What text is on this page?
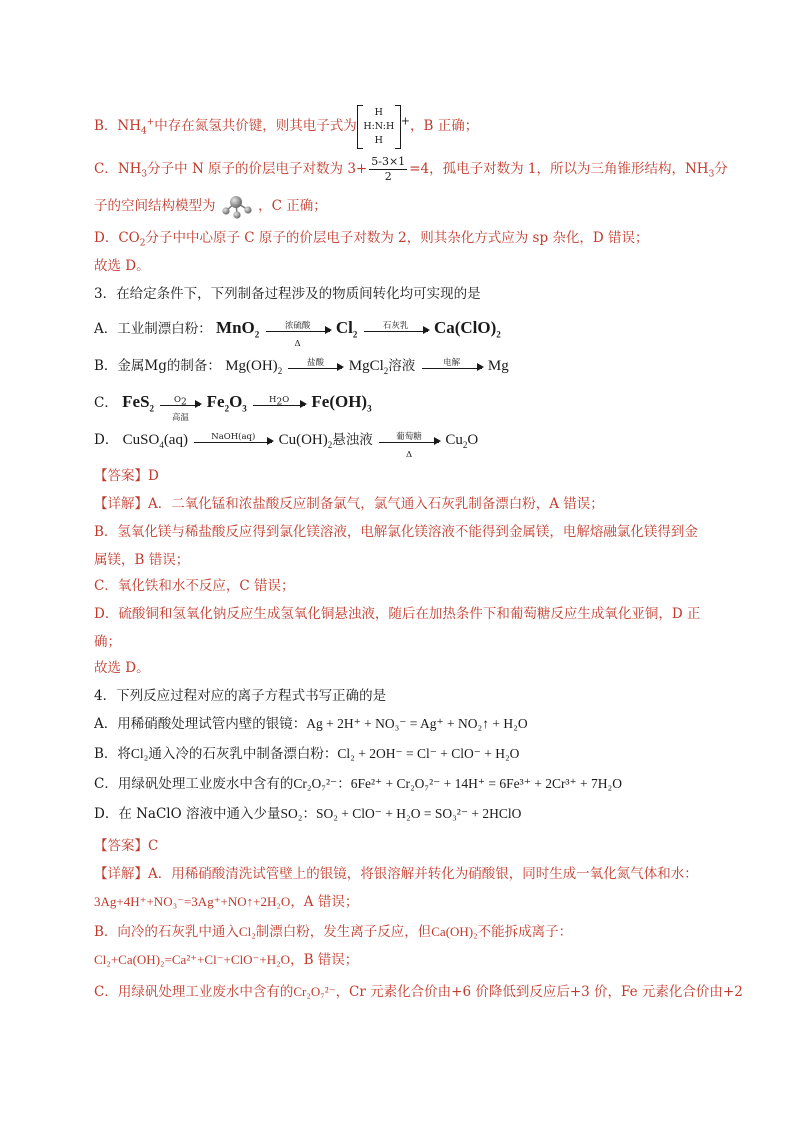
B．$NH_4^+$中存在氮氢共价键，则其电子式为
H
H:N:H
H
+，B 正确；
C．$NH_3$分子中 N 原子的价层电子对数为 $3+ \frac{5-3\times 1}{2} =4$，孤电子对数为 1，所以为三角锥形结构，$NH_3$分
子的空间结构模型为	，C 正确；
D．$CO_2$分子中中心原子 C 原子的价层电子对数为 2，则其杂化方式应为 sp 杂化，D 错误；
故选 D。
3．在给定条件下，下列制备过程涉及的物质间转化均可实现的是
A．工业制漂白粉： MnO$_2$
浓硫酸
Δ
$Cl_2$
石灰乳	$Ca(ClO)_2$
B．金属Mg的制备： $Mg(OH)_2$
盐酸	MgCl$_2$溶液	电解	Mg
C． FeS$_2$
$O_2$
高温
$Fe_2O_3$
$H_2O$	$Fe(OH)_3$
D． CuSO$_4$(aq)	NaOH(aq)	$Cu(OH)_2$悬浊液	葡萄糖
Δ
$Cu_2O$
【答案】D
【详解】A．二氧化锰和浓盐酸反应制备氯气，氯气通入石灰乳制备漂白粉，A 错误；
B．氢氧化镁与稀盐酸反应得到氯化镁溶液，电解氯化镁溶液不能得到金属镁，电解熔融氯化镁得到金
属镁，B 错误；
C．氧化铁和水不反应，C 错误；
D．硫酸铜和氢氧化钠反应生成氢氧化铜悬浊液，随后在加热条件下和葡萄糖反应生成氧化亚铜，D 正
确；
故选 D。
4．下列反应过程对应的离子方程式书写正确的是
A．用稀硝酸处理试管内壁的银镜：Ag + 2H⁺ + NO₃⁻ = Ag⁺ + NO₂↑ + H₂O
B．将Cl₂通入冷的石灰乳中制备漂白粉：Cl₂ + 2OH⁻ = Cl⁻ + ClO⁻ + H₂O
C．用绿矾处理工业废水中含有的Cr₂O₇²⁻：6Fe²⁺ + Cr₂O₇²⁻ + 14H⁺ = 6Fe³⁺ + 2Cr³⁺ + 7H₂O
D．在 NaClO 溶液中通入少量SO₂：SO₂ + ClO⁻ + H₂O = SO₃²⁻ + 2HClO
【答案】C
【详解】A．用稀硝酸清洗试管壁上的银镜，将银溶解并转化为硝酸银，同时生成一氧化氮气体和水：
3Ag+4H⁺+NO₃⁻=3Ag⁺+NO↑+2H₂O，A 错误；
B．向冷的石灰乳中通入Cl₂制漂白粉，发生离子反应，但Ca(OH)₂不能拆成离子：
Cl₂+Ca(OH)₂=Ca²⁺+Cl⁻+ClO⁻+H₂O，B 错误；
C．用绿矾处理工业废水中含有的Cr₂O₇²⁻，Cr 元素化合价由+6 价降低到反应后+3 价，Fe 元素化合价由+2
